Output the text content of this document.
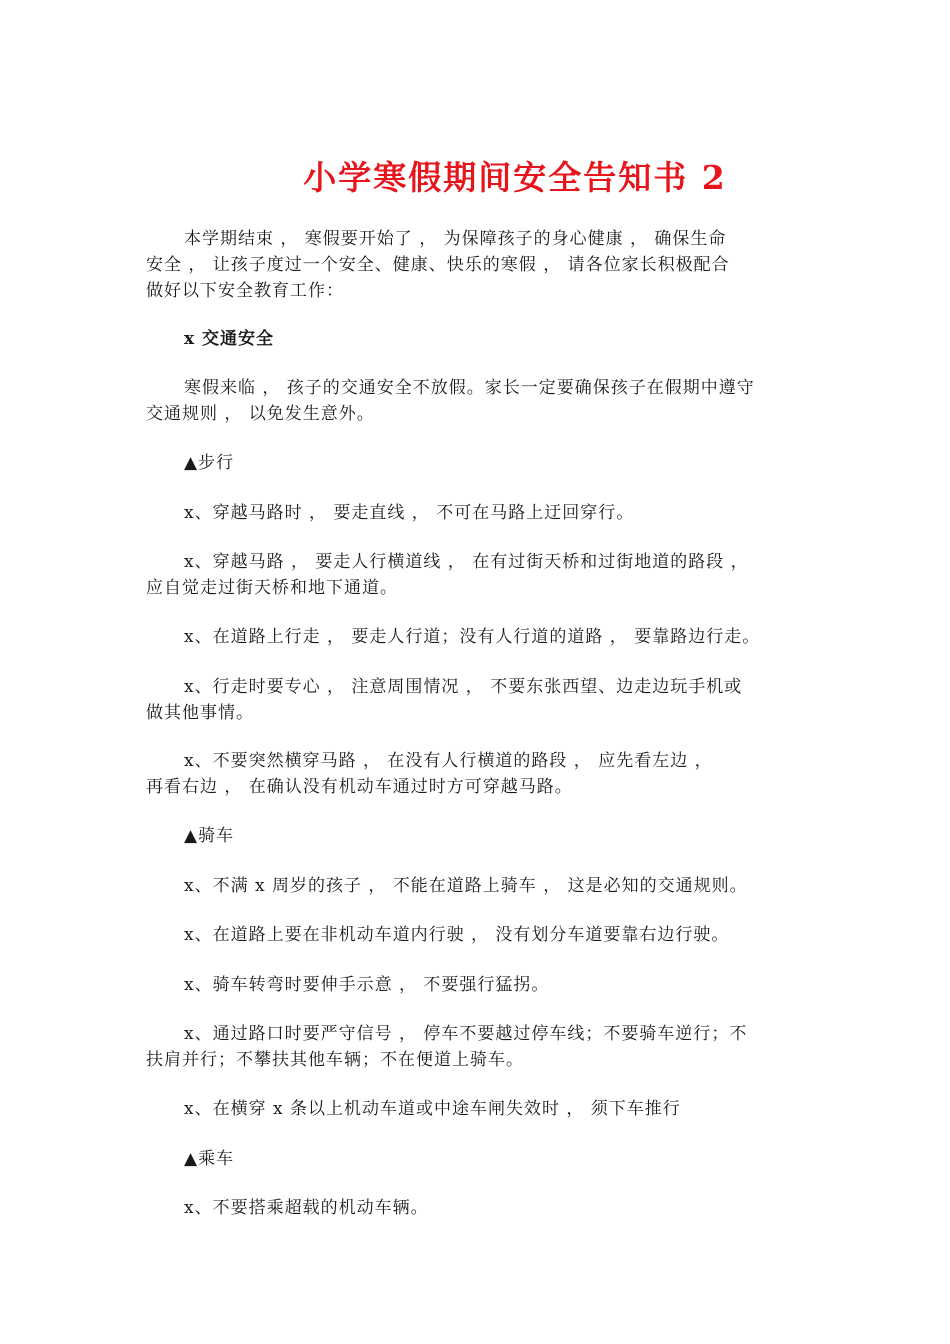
小学寒假期间安全告知书 2
本学期结束 ， 寒假要开始了 ， 为保障孩子的身心健康 ， 确保生命
安全 ， 让孩子度过一个安全、健康、快乐的寒假 ， 请各位家长积极配合
做好以下安全教育工作：
x 交通安全
寒假来临 ， 孩子的交通安全不放假。家长一定要确保孩子在假期中遵守
交通规则 ， 以免发生意外。
▲步行
x、穿越马路时 ， 要走直线 ， 不可在马路上迂回穿行。
x、穿越马路 ， 要走人行横道线 ， 在有过街天桥和过街地道的路段 ，
应自觉走过街天桥和地下通道。
x、在道路上行走 ， 要走人行道；没有人行道的道路 ， 要靠路边行走。
x、行走时要专心 ， 注意周围情况 ， 不要东张西望、边走边玩手机或
做其他事情。
x、不要突然横穿马路 ， 在没有人行横道的路段 ， 应先看左边 ，
再看右边 ， 在确认没有机动车通过时方可穿越马路。
▲骑车
x、不满 x 周岁的孩子 ， 不能在道路上骑车 ， 这是必知的交通规则。
x、在道路上要在非机动车道内行驶 ， 没有划分车道要靠右边行驶。
x、骑车转弯时要伸手示意 ， 不要强行猛拐。
x、通过路口时要严守信号 ， 停车不要越过停车线；不要骑车逆行；不
扶肩并行；不攀扶其他车辆；不在便道上骑车。
x、在横穿 x 条以上机动车道或中途车闸失效时 ， 须下车推行
▲乘车
x、不要搭乘超载的机动车辆。
